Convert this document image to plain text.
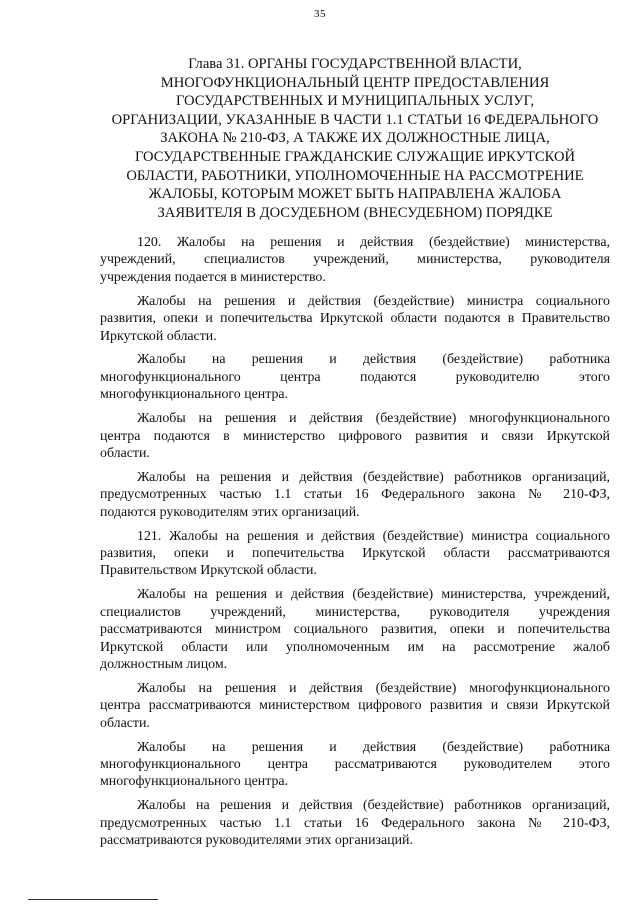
35
Глава 31. ОРГАНЫ ГОСУДАРСТВЕННОЙ ВЛАСТИ,
МНОГОФУНКЦИОНАЛЬНЫЙ ЦЕНТР ПРЕДОСТАВЛЕНИЯ
ГОСУДАРСТВЕННЫХ И МУНИЦИПАЛЬНЫХ УСЛУГ,
ОРГАНИЗАЦИИ, УКАЗАННЫЕ В ЧАСТИ 1.1 СТАТЬИ 16 ФЕДЕРАЛЬНОГО
ЗАКОНА № 210-ФЗ, А ТАКЖЕ ИХ ДОЛЖНОСТНЫЕ ЛИЦА,
ГОСУДАРСТВЕННЫЕ ГРАЖДАНСКИЕ СЛУЖАЩИЕ ИРКУТСКОЙ
ОБЛАСТИ, РАБОТНИКИ, УПОЛНОМОЧЕННЫЕ НА РАССМОТРЕНИЕ
ЖАЛОБЫ, КОТОРЫМ МОЖЕТ БЫТЬ НАПРАВЛЕНА ЖАЛОБА
ЗАЯВИТЕЛЯ В ДОСУДЕБНОМ (ВНЕСУДЕБНОМ) ПОРЯДКЕ

120. Жалобы на решения и действия (бездействие) министерства,
учреждений, специалистов учреждений, министерства, руководителя
учреждения подается в министерство.

Жалобы на решения и действия (бездействие) министра социального
развития, опеки и попечительства Иркутской области подаются в Правительство
Иркутской области.

Жалобы на решения и действия (бездействие) работника
многофункционального центра подаются руководителю этого
многофункционального центра.

Жалобы на решения и действия (бездействие) многофункционального
центра подаются в министерство цифрового развития и связи Иркутской
области.

Жалобы на решения и действия (бездействие) работников организаций,
предусмотренных частью 1.1 статьи 16 Федерального закона № 210-ФЗ,
подаются руководителям этих организаций.

121. Жалобы на решения и действия (бездействие) министра социального
развития, опеки и попечительства Иркутской области рассматриваются
Правительством Иркутской области.

Жалобы на решения и действия (бездействие) министерства, учреждений,
специалистов учреждений, министерства, руководителя учреждения
рассматриваются министром социального развития, опеки и попечительства
Иркутской области или уполномоченным им на рассмотрение жалоб
должностным лицом.

Жалобы на решения и действия (бездействие) многофункционального
центра рассматриваются министерством цифрового развития и связи Иркутской
области.

Жалобы на решения и действия (бездействие) работника
многофункционального центра рассматриваются руководителем этого
многофункционального центра.

Жалобы на решения и действия (бездействие) работников организаций,
предусмотренных частью 1.1 статьи 16 Федерального закона № 210-ФЗ,
рассматриваются руководителями этих организаций.
